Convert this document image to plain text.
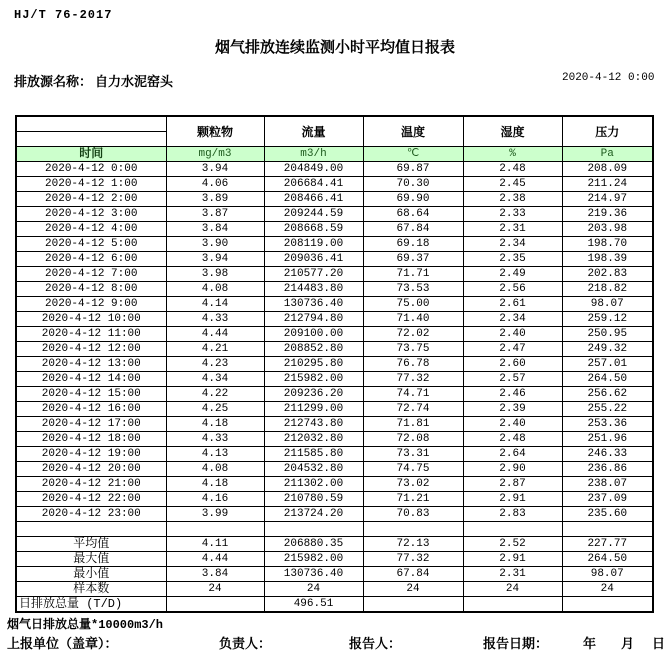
HJ/T 76-2017
烟气排放连续监测小时平均值日报表
排放源名称： 自力水泥窑头	2020-4-12 0:00
	颗粒物	流量	温度	湿度	压力
时间	mg/m3	m3/h	℃	%	Pa
2020-4-12 0:00	3.94	204849.00	69.87	2.48	208.09
2020-4-12 1:00	4.06	206684.41	70.30	2.45	211.24
2020-4-12 2:00	3.89	208466.41	69.90	2.38	214.97
2020-4-12 3:00	3.87	209244.59	68.64	2.33	219.36
2020-4-12 4:00	3.84	208668.59	67.84	2.31	203.98
2020-4-12 5:00	3.90	208119.00	69.18	2.34	198.70
2020-4-12 6:00	3.94	209036.41	69.37	2.35	198.39
2020-4-12 7:00	3.98	210577.20	71.71	2.49	202.83
2020-4-12 8:00	4.08	214483.80	73.53	2.56	218.82
2020-4-12 9:00	4.14	130736.40	75.00	2.61	98.07
2020-4-12 10:00	4.33	212794.80	71.40	2.34	259.12
2020-4-12 11:00	4.44	209100.00	72.02	2.40	250.95
2020-4-12 12:00	4.21	208852.80	73.75	2.47	249.32
2020-4-12 13:00	4.23	210295.80	76.78	2.60	257.01
2020-4-12 14:00	4.34	215982.00	77.32	2.57	264.50
2020-4-12 15:00	4.22	209236.20	74.71	2.46	256.62
2020-4-12 16:00	4.25	211299.00	72.74	2.39	255.22
2020-4-12 17:00	4.18	212743.80	71.81	2.40	253.36
2020-4-12 18:00	4.33	212032.80	72.08	2.48	251.96
2020-4-12 19:00	4.13	211585.80	73.31	2.64	246.33
2020-4-12 20:00	4.08	204532.80	74.75	2.90	236.86
2020-4-12 21:00	4.18	211302.00	73.02	2.87	238.07
2020-4-12 22:00	4.16	210780.59	71.21	2.91	237.09
2020-4-12 23:00	3.99	213724.20	70.83	2.83	235.60

平均值	4.11	206880.35	72.13	2.52	227.77
最大值	4.44	215982.00	77.32	2.91	264.50
最小值	3.84	130736.40	67.84	2.31	98.07
样本数	24	24	24	24	24
日排放总量 (T/D)		496.51			
烟气日排放总量*10000m3/h
上报单位（盖章）：	负责人：	报告人：	报告日期：	年 月 日
